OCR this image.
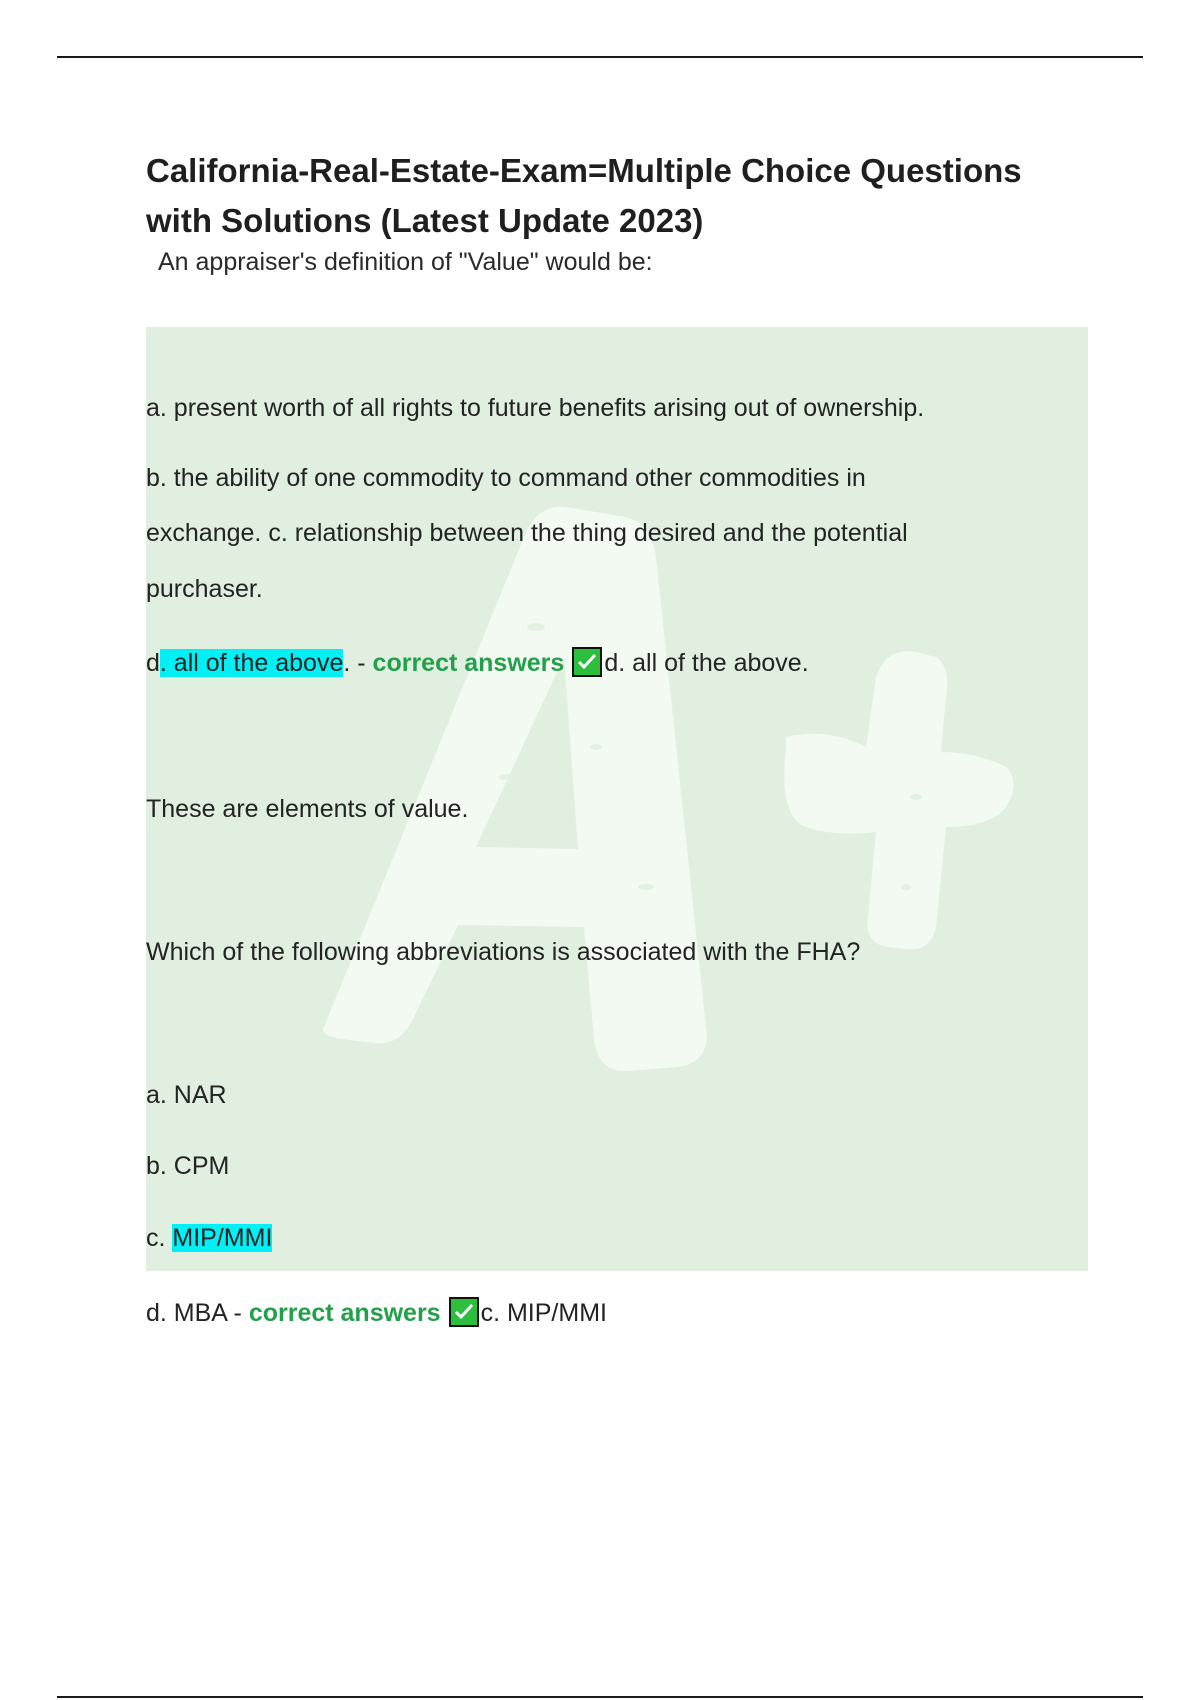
California-Real-Estate-Exam=Multiple Choice Questions with Solutions (Latest Update 2023)
An appraiser's definition of "Value" would be:
a. present worth of all rights to future benefits arising out of ownership.
b. the ability of one commodity to command other commodities in
exchange. c. relationship between the thing desired and the potential
purchaser.
d. all of the above. - correct answers d. all of the above.
These are elements of value.
Which of the following abbreviations is associated with the FHA?
a. NAR
b. CPM
c. MIP/MMI
d. MBA - correct answers c. MIP/MMI
